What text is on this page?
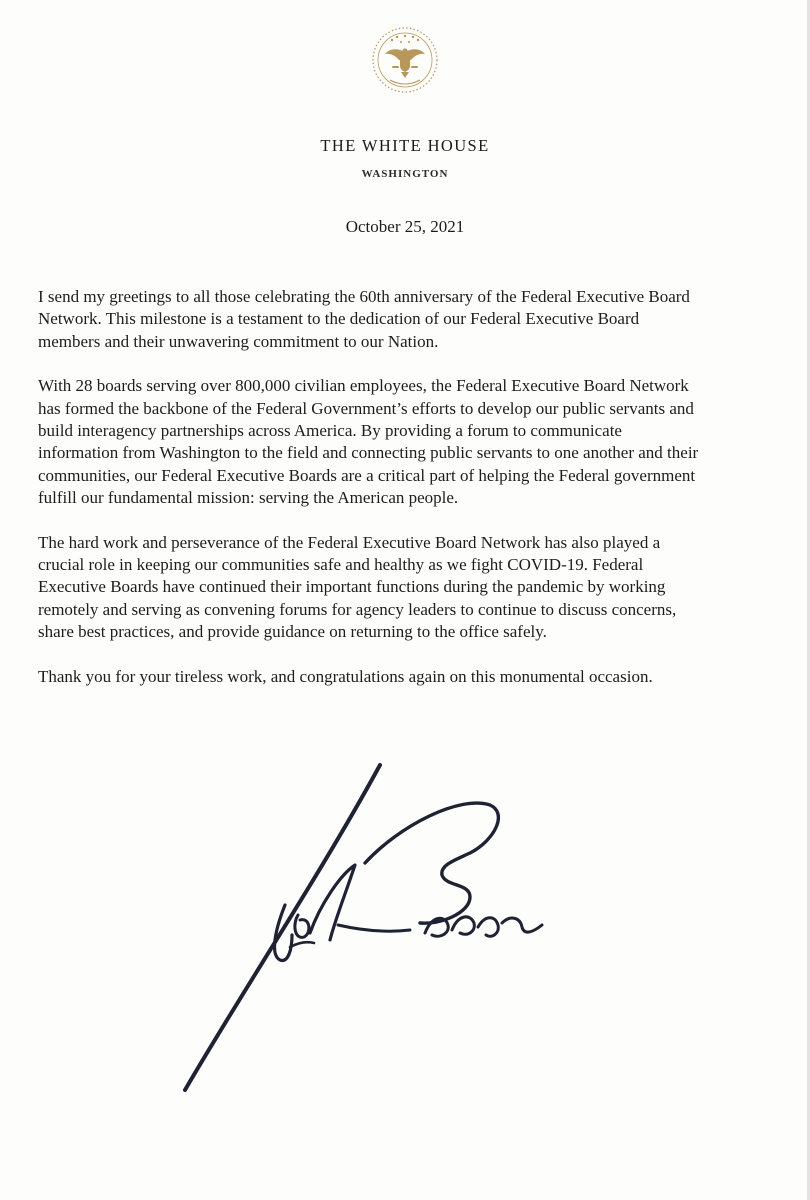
THE WHITE HOUSE
WASHINGTON
October 25, 2021

I send my greetings to all those celebrating the 60th anniversary of the Federal Executive Board
Network. This milestone is a testament to the dedication of our Federal Executive Board
members and their unwavering commitment to our Nation.

With 28 boards serving over 800,000 civilian employees, the Federal Executive Board Network
has formed the backbone of the Federal Government’s efforts to develop our public servants and
build interagency partnerships across America. By providing a forum to communicate
information from Washington to the field and connecting public servants to one another and their
communities, our Federal Executive Boards are a critical part of helping the Federal government
fulfill our fundamental mission: serving the American people.

The hard work and perseverance of the Federal Executive Board Network has also played a
crucial role in keeping our communities safe and healthy as we fight COVID-19. Federal
Executive Boards have continued their important functions during the pandemic by working
remotely and serving as convening forums for agency leaders to continue to discuss concerns,
share best practices, and provide guidance on returning to the office safely.

Thank you for your tireless work, and congratulations again on this monumental occasion.
